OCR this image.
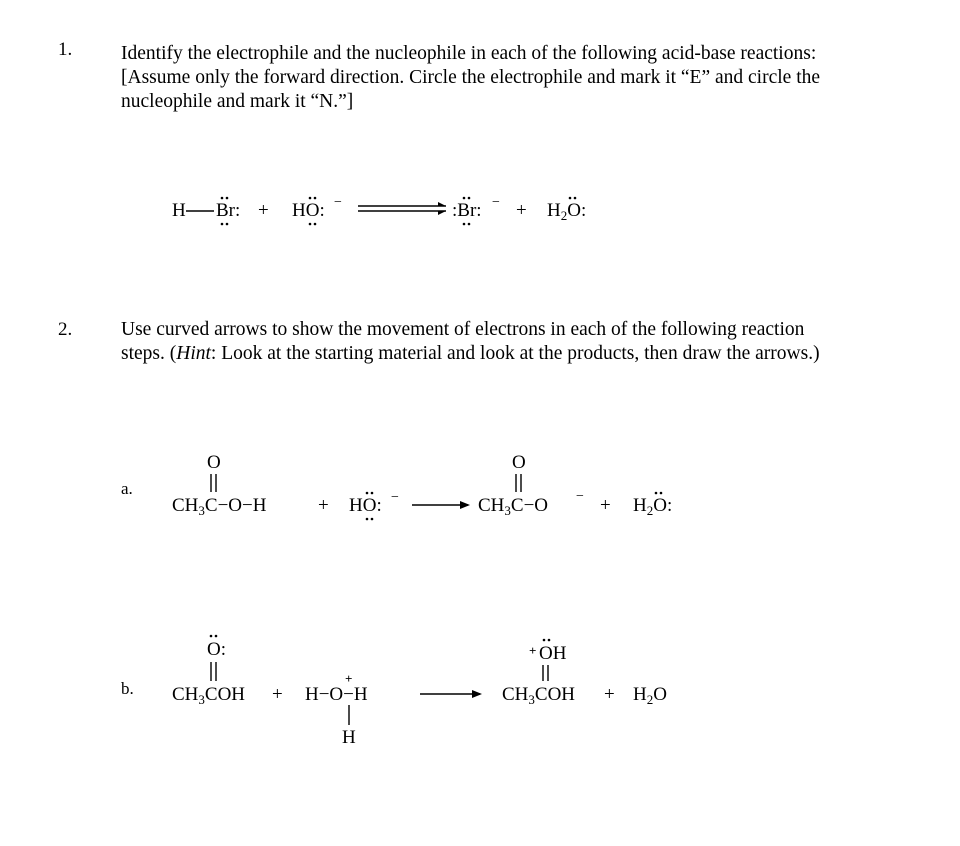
1.	Identify the electrophile and the nucleophile in each of the following acid-base reactions:
[Assume only the forward direction. Circle the electrophile and mark it “E” and circle the
nucleophile and mark it “N.”]
H Br: + HO: −	:Br: − + $H_2O$:
2.	Use curved arrows to show the movement of electrons in each of the following reaction
steps. (Hint: Look at the starting material and look at the products, then draw the arrows.)
a.
O
$CH_3C-O-H$	+ HO: −
O
$CH_3C-O$ − + $H_2O$:
b.
O:
$CH_3COH + H-O-H$
+
H
+ OH
$CH_3COH + H_2O$
